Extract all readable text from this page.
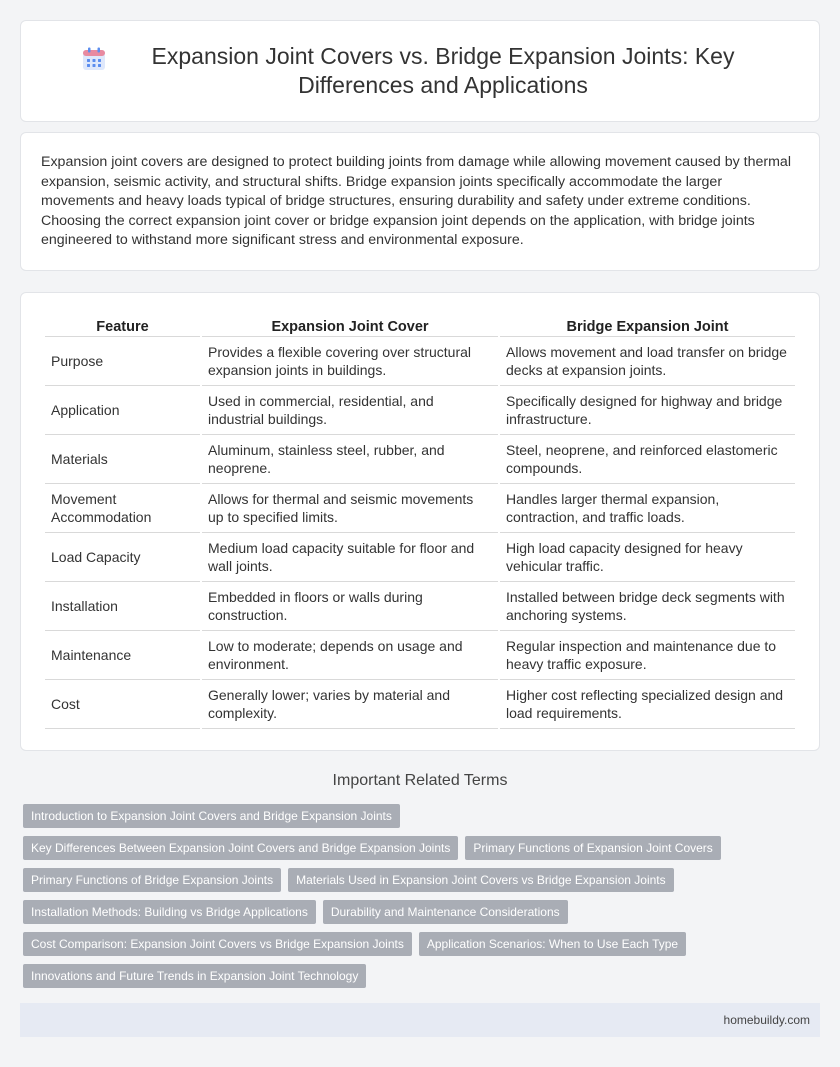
Expansion Joint Covers vs. Bridge Expansion Joints: Key Differences and Applications

Expansion joint covers are designed to protect building joints from damage while allowing movement caused by thermal expansion, seismic activity, and structural shifts. Bridge expansion joints specifically accommodate the larger movements and heavy loads typical of bridge structures, ensuring durability and safety under extreme conditions. Choosing the correct expansion joint cover or bridge expansion joint depends on the application, with bridge joints engineered to withstand more significant stress and environmental exposure.

Feature	Expansion Joint Cover	Bridge Expansion Joint
Purpose	Provides a flexible covering over structural expansion joints in buildings.	Allows movement and load transfer on bridge decks at expansion joints.
Application	Used in commercial, residential, and industrial buildings.	Specifically designed for highway and bridge infrastructure.
Materials	Aluminum, stainless steel, rubber, and neoprene.	Steel, neoprene, and reinforced elastomeric compounds.
Movement Accommodation	Allows for thermal and seismic movements up to specified limits.	Handles larger thermal expansion, contraction, and traffic loads.
Load Capacity	Medium load capacity suitable for floor and wall joints.	High load capacity designed for heavy vehicular traffic.
Installation	Embedded in floors or walls during construction.	Installed between bridge deck segments with anchoring systems.
Maintenance	Low to moderate; depends on usage and environment.	Regular inspection and maintenance due to heavy traffic exposure.
Cost	Generally lower; varies by material and complexity.	Higher cost reflecting specialized design and load requirements.
Important Related Terms
Introduction to Expansion Joint Covers and Bridge Expansion Joints
Key Differences Between Expansion Joint Covers and Bridge Expansion Joints	Primary Functions of Expansion Joint Covers
Primary Functions of Bridge Expansion Joints	Materials Used in Expansion Joint Covers vs Bridge Expansion Joints
Installation Methods: Building vs Bridge Applications	Durability and Maintenance Considerations
Cost Comparison: Expansion Joint Covers vs Bridge Expansion Joints	Application Scenarios: When to Use Each Type
Innovations and Future Trends in Expansion Joint Technology
homebuildy.com
